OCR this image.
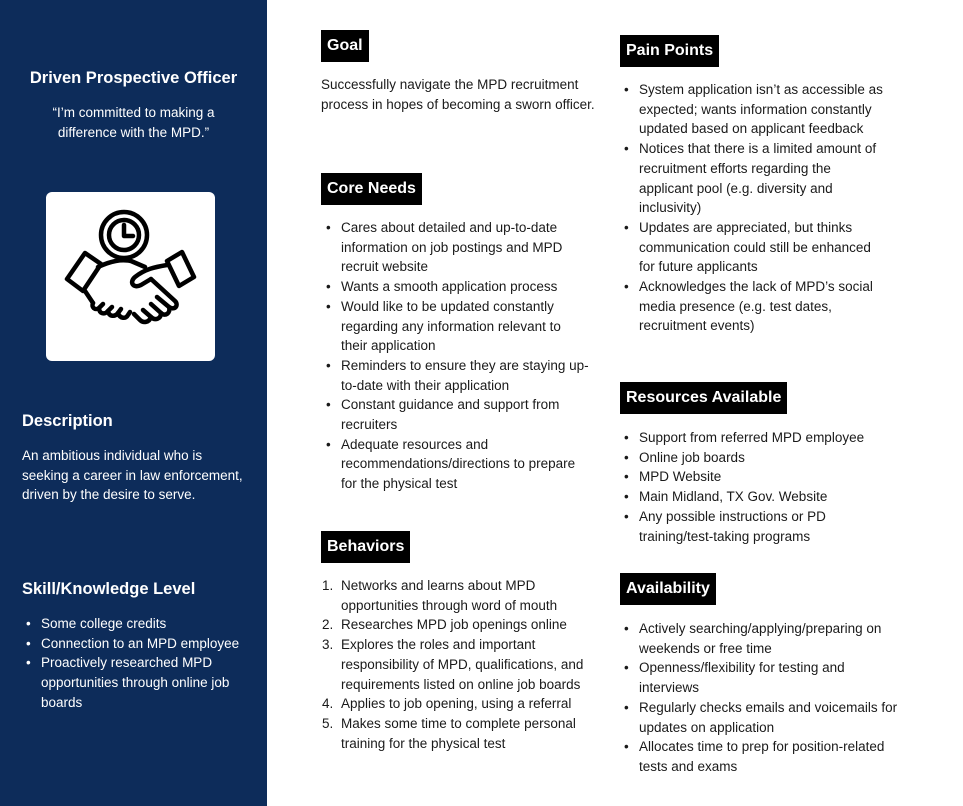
Driven Prospective Officer
“I’m committed to making a difference with the MPD.”
Description
An ambitious individual who is seeking a career in law enforcement, driven by the desire to serve.
Skill/Knowledge Level
• Some college credits
• Connection to an MPD employee
• Proactively researched MPD opportunities through online job boards
Goal
Successfully navigate the MPD recruitment process in hopes of becoming a sworn officer.
Core Needs
• Cares about detailed and up-to-date information on job postings and MPD recruit website
• Wants a smooth application process
• Would like to be updated constantly regarding any information relevant to their application
• Reminders to ensure they are staying up-to-date with their application
• Constant guidance and support from recruiters
• Adequate resources and recommendations/directions to prepare for the physical test
Behaviors
1. Networks and learns about MPD opportunities through word of mouth
2. Researches MPD job openings online
3. Explores the roles and important responsibility of MPD, qualifications, and requirements listed on online job boards
4. Applies to job opening, using a referral
5. Makes some time to complete personal training for the physical test
Pain Points
• System application isn’t as accessible as expected; wants information constantly updated based on applicant feedback
• Notices that there is a limited amount of recruitment efforts regarding the applicant pool (e.g. diversity and inclusivity)
• Updates are appreciated, but thinks communication could still be enhanced for future applicants
• Acknowledges the lack of MPD’s social media presence (e.g. test dates, recruitment events)
Resources Available
• Support from referred MPD employee
• Online job boards
• MPD Website
• Main Midland, TX Gov. Website
• Any possible instructions or PD training/test-taking programs
Availability
• Actively searching/applying/preparing on weekends or free time
• Openness/flexibility for testing and interviews
• Regularly checks emails and voicemails for updates on application
• Allocates time to prep for position-related tests and exams
